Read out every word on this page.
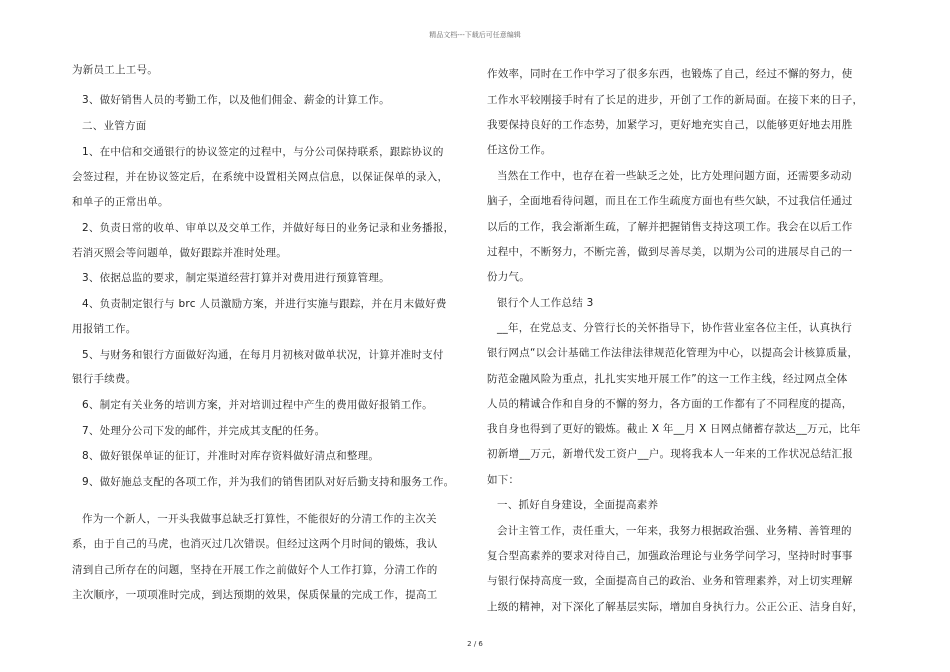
精品文档---下载后可任意编辑
为新员工上工号。
3、做好销售人员的考勤工作，以及他们佣金、薪金的计算工作。
二、业管方面
1、在中信和交通银行的协议签定的过程中，与分公司保持联系，跟踪协议的
会签过程，并在协议签定后，在系统中设置相关网点信息，以保证保单的录入，
和单子的正常出单。
2、负责日常的收单、审单以及交单工作，并做好每日的业务记录和业务播报，
若消灭照会等问题单，做好跟踪并准时处理。
3、依据总监的要求，制定渠道经营打算并对费用进行预算管理。
4、负责制定银行与 brc 人员激励方案，并进行实施与跟踪，并在月末做好费
用报销工作。
5、与财务和银行方面做好沟通，在每月月初核对做单状况，计算并准时支付
银行手续费。
6、制定有关业务的培训方案，并对培训过程中产生的费用做好报销工作。
7、处理分公司下发的邮件，并完成其支配的任务。
8、做好银保单证的征订，并准时对库存资料做好清点和整理。
9、做好施总支配的各项工作，并为我们的销售团队对好后勤支持和服务工作。
作为一个新人，一开头我做事总缺乏打算性，不能很好的分清工作的主次关
系，由于自己的马虎，也消灭过几次错误。但经过这两个月时间的锻炼，我认
清到自己所存在的问题，坚持在开展工作之前做好个人工作打算，分清工作的
主次顺序，一项项准时完成，到达预期的效果，保质保量的完成工作，提高工
作效率，同时在工作中学习了很多东西，也锻炼了自己，经过不懈的努力，使
工作水平较刚接手时有了长足的进步，开创了工作的新局面。在接下来的日子，
我要保持良好的工作态势，加紧学习，更好地充实自己，以能够更好地去用胜
任这份工作。
当然在工作中，也存在着一些缺乏之处，比方处理问题方面，还需要多动动
脑子，全面地看待问题，而且在工作生疏度方面也有些欠缺，不过我信任通过
以后的工作，我会渐渐生疏，了解并把握销售支持这项工作。我会在以后工作
过程中，不断努力，不断完善，做到尽善尽美，以期为公司的进展尽自己的一
份力气。
银行个人工作总结 3
__年，在党总支、分管行长的关怀指导下，协作营业室各位主任，认真执行
银行网点“以会计基础工作法律法律规范化管理为中心，以提高会计核算质量，
防范金融风险为重点，扎扎实实地开展工作”的这一工作主线，经过网点全体
人员的精诚合作和自身的不懈的努力，各方面的工作都有了不同程度的提高，
我自身也得到了更好的锻炼。截止 X 年__月 X 日网点储蓄存款达__万元，比年
初新增__万元，新增代发工资户__户。现将我本人一年来的工作状况总结汇报
如下：
一、抓好自身建设，全面提高素养
会计主管工作，责任重大，一年来，我努力根据政治强、业务精、善管理的
复合型高素养的要求对待自己，加强政治理论与业务学问学习，坚持时时事事
与银行保持高度一致，全面提高自己的政治、业务和管理素养，对上切实理解
上级的精神，对下深化了解基层实际，增加自身执行力。公正公正、洁身自好，
2 / 6
